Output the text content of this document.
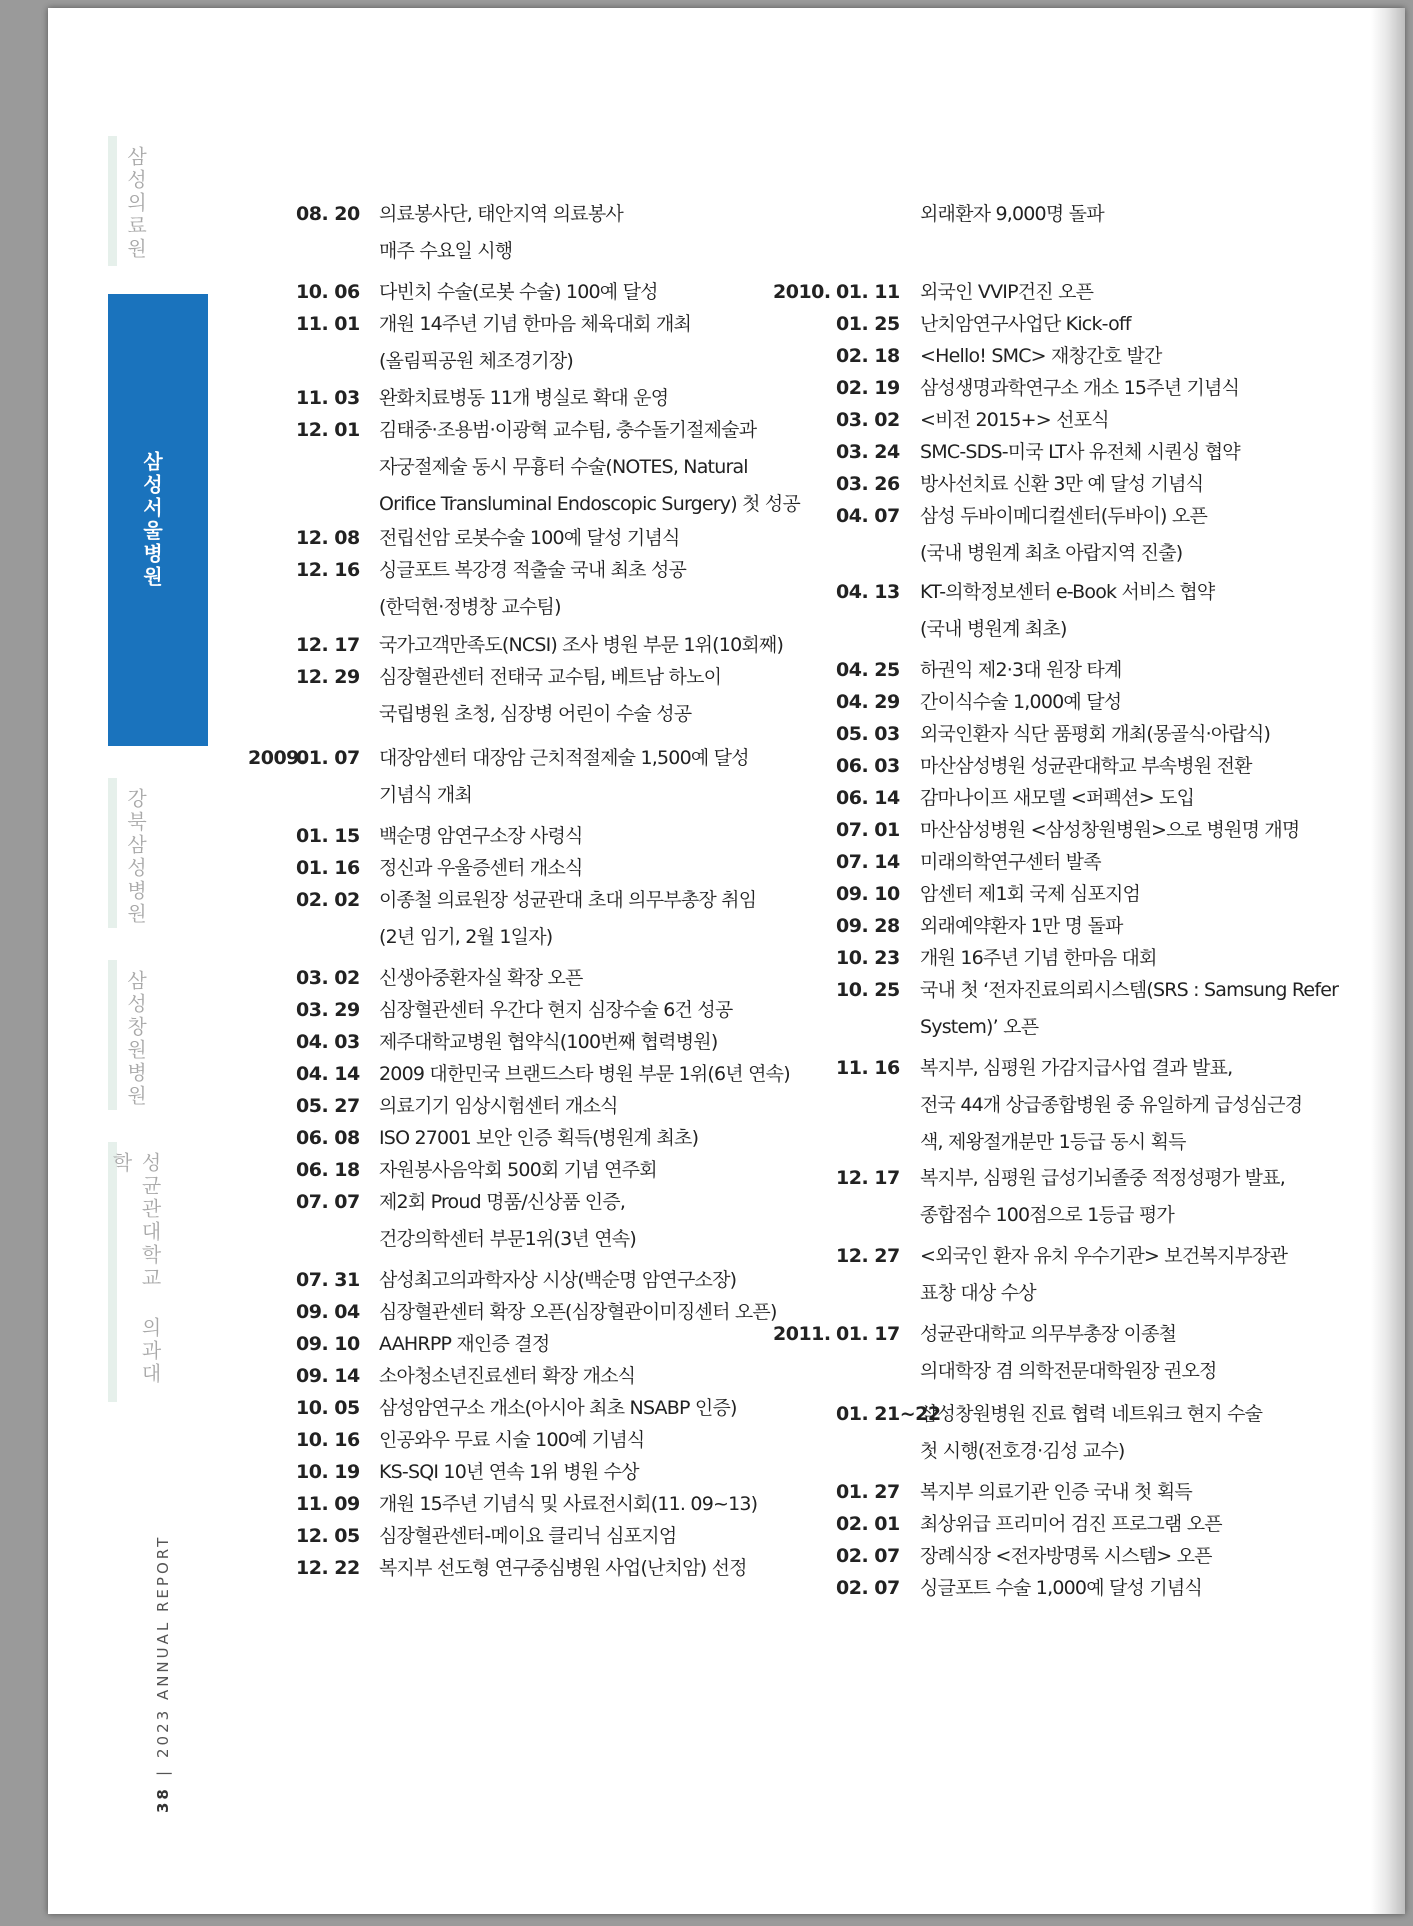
삼성의료원
삼성서울병원
강북삼성병원
삼성창원병원
성균관대학교 의과대학
38
|
2023 ANNUAL REPORT
08. 20 의료봉사단, 태안지역 의료봉사
매주 수요일 시행
10. 06 다빈치 수술(로봇 수술) 100예 달성
11. 01 개원 14주년 기념 한마음 체육대회 개최
(올림픽공원 체조경기장)
11. 03 완화치료병동 11개 병실로 확대 운영
12. 01 김태중·조용범·이광혁 교수팀, 충수돌기절제술과
자궁절제술 동시 무흉터 수술(NOTES, Natural
Orifice Transluminal Endoscopic Surgery) 첫 성공
12. 08 전립선암 로봇수술 100예 달성 기념식
12. 16 싱글포트 복강경 적출술 국내 최초 성공
(한덕현·정병창 교수팀)
12. 17 국가고객만족도(NCSI) 조사 병원 부문 1위(10회째)
12. 29 심장혈관센터 전태국 교수팀, 베트남 하노이
국립병원 초청, 심장병 어린이 수술 성공
2009.
01. 07 대장암센터 대장암 근치적절제술 1,500예 달성
기념식 개최
01. 15 백순명 암연구소장 사령식
01. 16 정신과 우울증센터 개소식
02. 02 이종철 의료원장 성균관대 초대 의무부총장 취임
(2년 임기, 2월 1일자)
03. 02 신생아중환자실 확장 오픈
03. 29 심장혈관센터 우간다 현지 심장수술 6건 성공
04. 03 제주대학교병원 협약식(100번째 협력병원)
04. 14 2009 대한민국 브랜드스타 병원 부문 1위(6년 연속)
05. 27 의료기기 임상시험센터 개소식
06. 08 ISO 27001 보안 인증 획득(병원계 최초)
06. 18 자원봉사음악회 500회 기념 연주회
07. 07 제2회 Proud 명품/신상품 인증,
건강의학센터 부문1위(3년 연속)
07. 31 삼성최고의과학자상 시상(백순명 암연구소장)
09. 04 심장혈관센터 확장 오픈(심장혈관이미징센터 오픈)
09. 10 AAHRPP 재인증 결정
09. 14 소아청소년진료센터 확장 개소식
10. 05 삼성암연구소 개소(아시아 최초 NSABP 인증)
10. 16 인공와우 무료 시술 100예 기념식
10. 19 KS-SQI 10년 연속 1위 병원 수상
11. 09 개원 15주년 기념식 및 사료전시회(11. 09~13)
12. 05 심장혈관센터-메이요 클리닉 심포지엄
12. 22 복지부 선도형 연구중심병원 사업(난치암) 선정
외래환자 9,000명 돌파
2010. 01. 11 외국인 VVIP건진 오픈
01. 25 난치암연구사업단 Kick-off
02. 18 <Hello! SMC> 재창간호 발간
02. 19 삼성생명과학연구소 개소 15주년 기념식
03. 02 <비전 2015+> 선포식
03. 24 SMC-SDS-미국 LT사 유전체 시퀀싱 협약
03. 26 방사선치료 신환 3만 예 달성 기념식
04. 07 삼성 두바이메디컬센터(두바이) 오픈
(국내 병원계 최초 아랍지역 진출)
04. 13 KT-의학정보센터 e-Book 서비스 협약
(국내 병원계 최초)
04. 25 하권익 제2·3대 원장 타계
04. 29 간이식수술 1,000예 달성
05. 03 외국인환자 식단 품평회 개최(몽골식·아랍식)
06. 03 마산삼성병원 성균관대학교 부속병원 전환
06. 14 감마나이프 새모델 <퍼펙션> 도입
07. 01 마산삼성병원 <삼성창원병원>으로 병원명 개명
07. 14 미래의학연구센터 발족
09. 10 암센터 제1회 국제 심포지엄
09. 28 외래예약환자 1만 명 돌파
10. 23 개원 16주년 기념 한마음 대회
10. 25 국내 첫 ‘전자진료의뢰시스템(SRS : Samsung Refer
System)’ 오픈
11. 16 복지부, 심평원 가감지급사업 결과 발표,
전국 44개 상급종합병원 중 유일하게 급성심근경
색, 제왕절개분만 1등급 동시 획득
12. 17 복지부, 심평원 급성기뇌졸중 적정성평가 발표,
종합점수 100점으로 1등급 평가
12. 27 <외국인 환자 유치 우수기관> 보건복지부장관
표창 대상 수상
2011. 01. 17 성균관대학교 의무부총장 이종철
의대학장 겸 의학전문대학원장 권오정
01. 21~22
삼성창원병원 진료 협력 네트워크 현지 수술
첫 시행(전호경·김성 교수)
01. 27 복지부 의료기관 인증 국내 첫 획득
02. 01 최상위급 프리미어 검진 프로그램 오픈
02. 07 장례식장 <전자방명록 시스템> 오픈
02. 07 싱글포트 수술 1,000예 달성 기념식
